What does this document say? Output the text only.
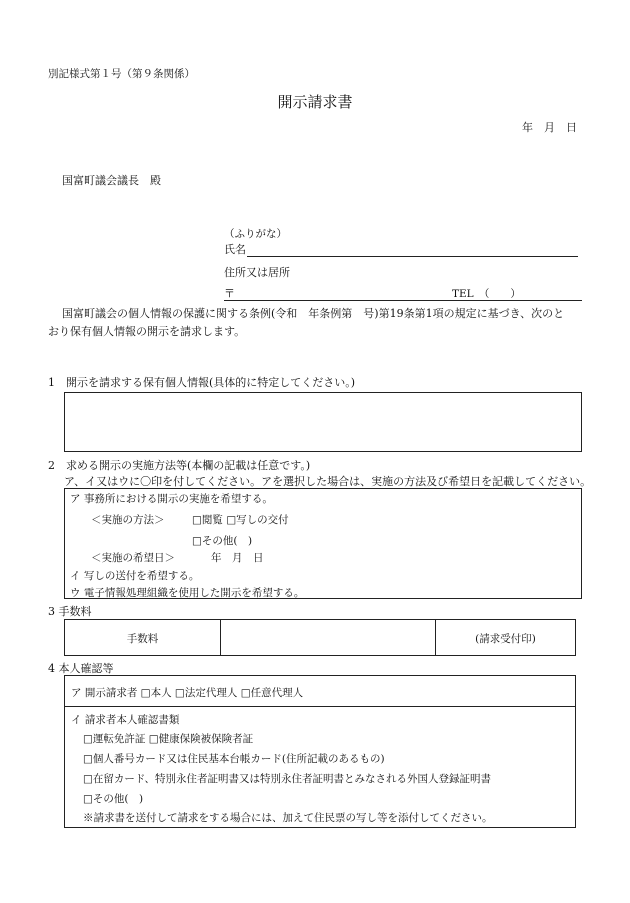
別記様式第１号（第９条関係）
開示請求書
年　月　日
国富町議会議長　殿
（ふりがな）
氏名
住所又は居所
〒	TEL　（　　）
国富町議会の個人情報の保護に関する条例(令和　年条例第　号)第19条第1項の規定に基づき、次のと
おり保有個人情報の開示を請求します。
1　開示を請求する保有個人情報(具体的に特定してください。)
2　求める開示の実施方法等(本欄の記載は任意です。)
ア、イ又はウに〇印を付してください。アを選択した場合は、実施の方法及び希望日を記載してください。
ア 事務所における開示の実施を希望する。
＜実施の方法＞	□閲覧 □写しの交付
□その他(　)
＜実施の希望日＞	年　月　日
イ 写しの送付を希望する。
ウ 電子情報処理組織を使用した開示を希望する。
3 手数料
手数料	(請求受付印)
4 本人確認等
ア 開示請求者 □本人 □法定代理人 □任意代理人
イ 請求者本人確認書類
□運転免許証 □健康保険被保険者証
□個人番号カード又は住民基本台帳カード(住所記載のあるもの)
□在留カード、特別永住者証明書又は特別永住者証明書とみなされる外国人登録証明書
□その他(　)
※請求書を送付して請求をする場合には、加えて住民票の写し等を添付してください。
